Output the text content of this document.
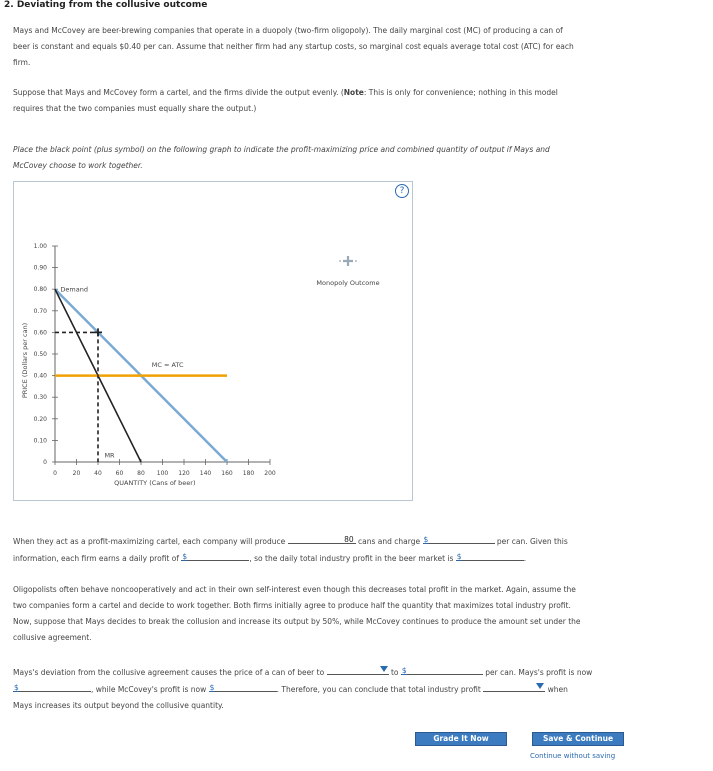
2. Deviating from the collusive outcome
Mays and McCovey are beer-brewing companies that operate in a duopoly (two-firm oligopoly). The daily marginal cost (MC) of producing a can of
beer is constant and equals $0.40 per can. Assume that neither firm had any startup costs, so marginal cost equals average total cost (ATC) for each
firm.
Suppose that Mays and McCovey form a cartel, and the firms divide the output evenly. (Note: This is only for convenience; nothing in this model
requires that the two companies must equally share the output.)
Place the black point (plus symbol) on the following graph to indicate the profit-maximizing price and combined quantity of output if Mays and
McCovey choose to work together.
?
0	20 40 60 80 100 120 140 160 180 200
0
0.10
0.20
0.30
0.40
0.50
0.60
0.70
0.80
0.90
1.00
QUANTITY (Cans of beer)
PRICE (Dollars per can)
Demand
MC = ATC
MR
Monopoly Outcome
When they act as a profit-maximizing cartel, each company will produce	80 cans and charge $	per can. Given this
information, each firm earns a daily profit of $	, so the daily total industry profit in the beer market is $	.
Oligopolists often behave noncooperatively and act in their own self-interest even though this decreases total profit in the market. Again, assume the
two companies form a cartel and decide to work together. Both firms initially agree to produce half the quantity that maximizes total industry profit.
Now, suppose that Mays decides to break the collusion and increase its output by 50%, while McCovey continues to produce the amount set under the
collusive agreement.
Mays's deviation from the collusive agreement causes the price of a can of beer to	to $	per can. Mays's profit is now
$	, while McCovey's profit is now $	. Therefore, you can conclude that total industry profit	when
Mays increases its output beyond the collusive quantity.
Grade It Now	Save & Continue
Continue without saving
